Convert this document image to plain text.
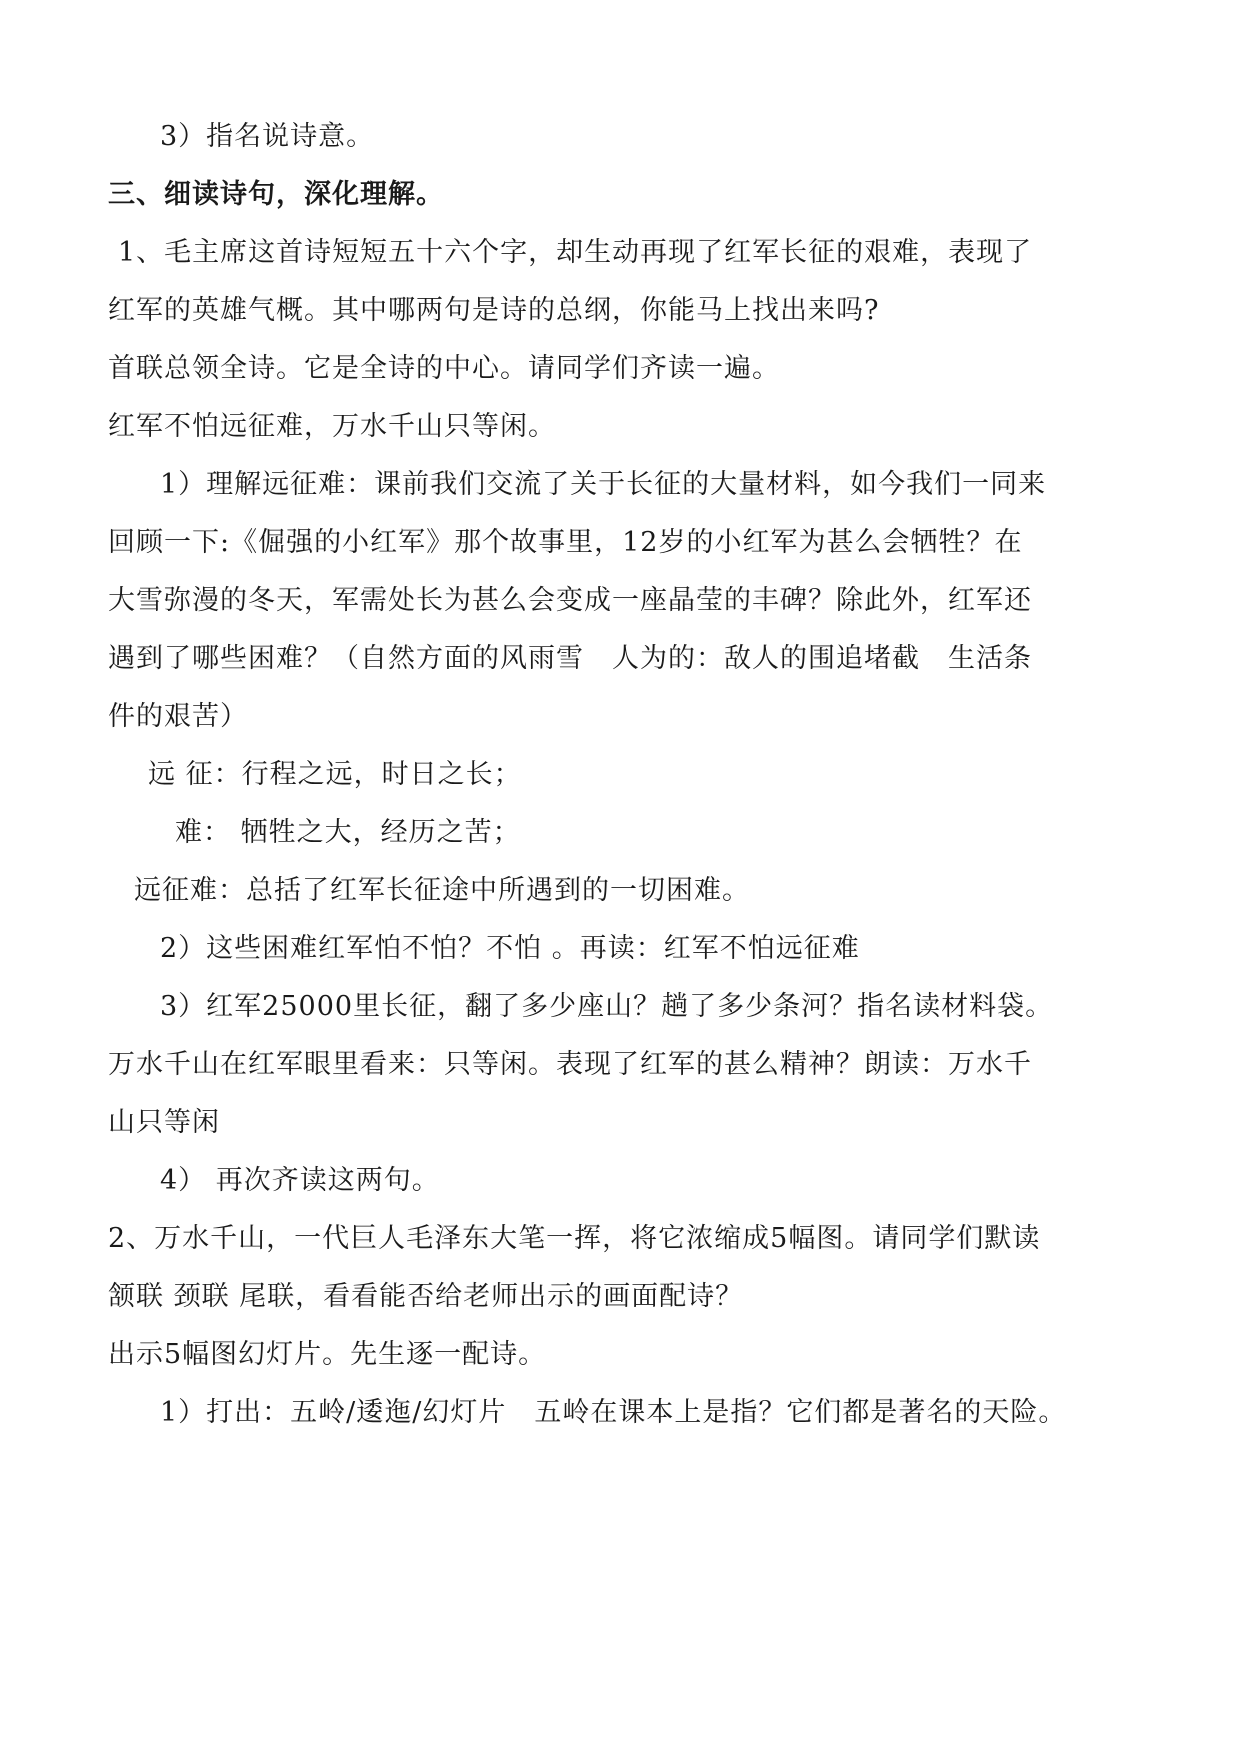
3）指名说诗意。
三、细读诗句，深化理解。
1、毛主席这首诗短短五十六个字，却生动再现了红军长征的艰难，表现了
红军的英雄气概。其中哪两句是诗的总纲，你能马上找出来吗?
首联总领全诗。它是全诗的中心。请同学们齐读一遍。
红军不怕远征难，万水千山只等闲。
1）理解远征难：课前我们交流了关于长征的大量材料，如今我们一同来
回顾一下:《倔强的小红军》那个故事里，12岁的小红军为甚么会牺牲？在
大雪弥漫的冬天，军需处长为甚么会变成一座晶莹的丰碑？除此外，红军还
遇到了哪些困难？（自然方面的风雨雪　人为的：敌人的围追堵截　生活条
件的艰苦）
远 征：行程之远，时日之长；
难： 牺牲之大，经历之苦；
远征难：总括了红军长征途中所遇到的一切困难。
2）这些困难红军怕不怕？不怕 。再读：红军不怕远征难
3）红军25000里长征，翻了多少座山？趟了多少条河？指名读材料袋。
万水千山在红军眼里看来：只等闲。表现了红军的甚么精神？朗读：万水千
山只等闲
4） 再次齐读这两句。
2、万水千山，一代巨人毛泽东大笔一挥，将它浓缩成5幅图。请同学们默读
颔联 颈联 尾联，看看能否给老师出示的画面配诗？
出示5幅图幻灯片。先生逐一配诗。
1）打出：五岭/逶迤/幻灯片　五岭在课本上是指？它们都是著名的天险。
